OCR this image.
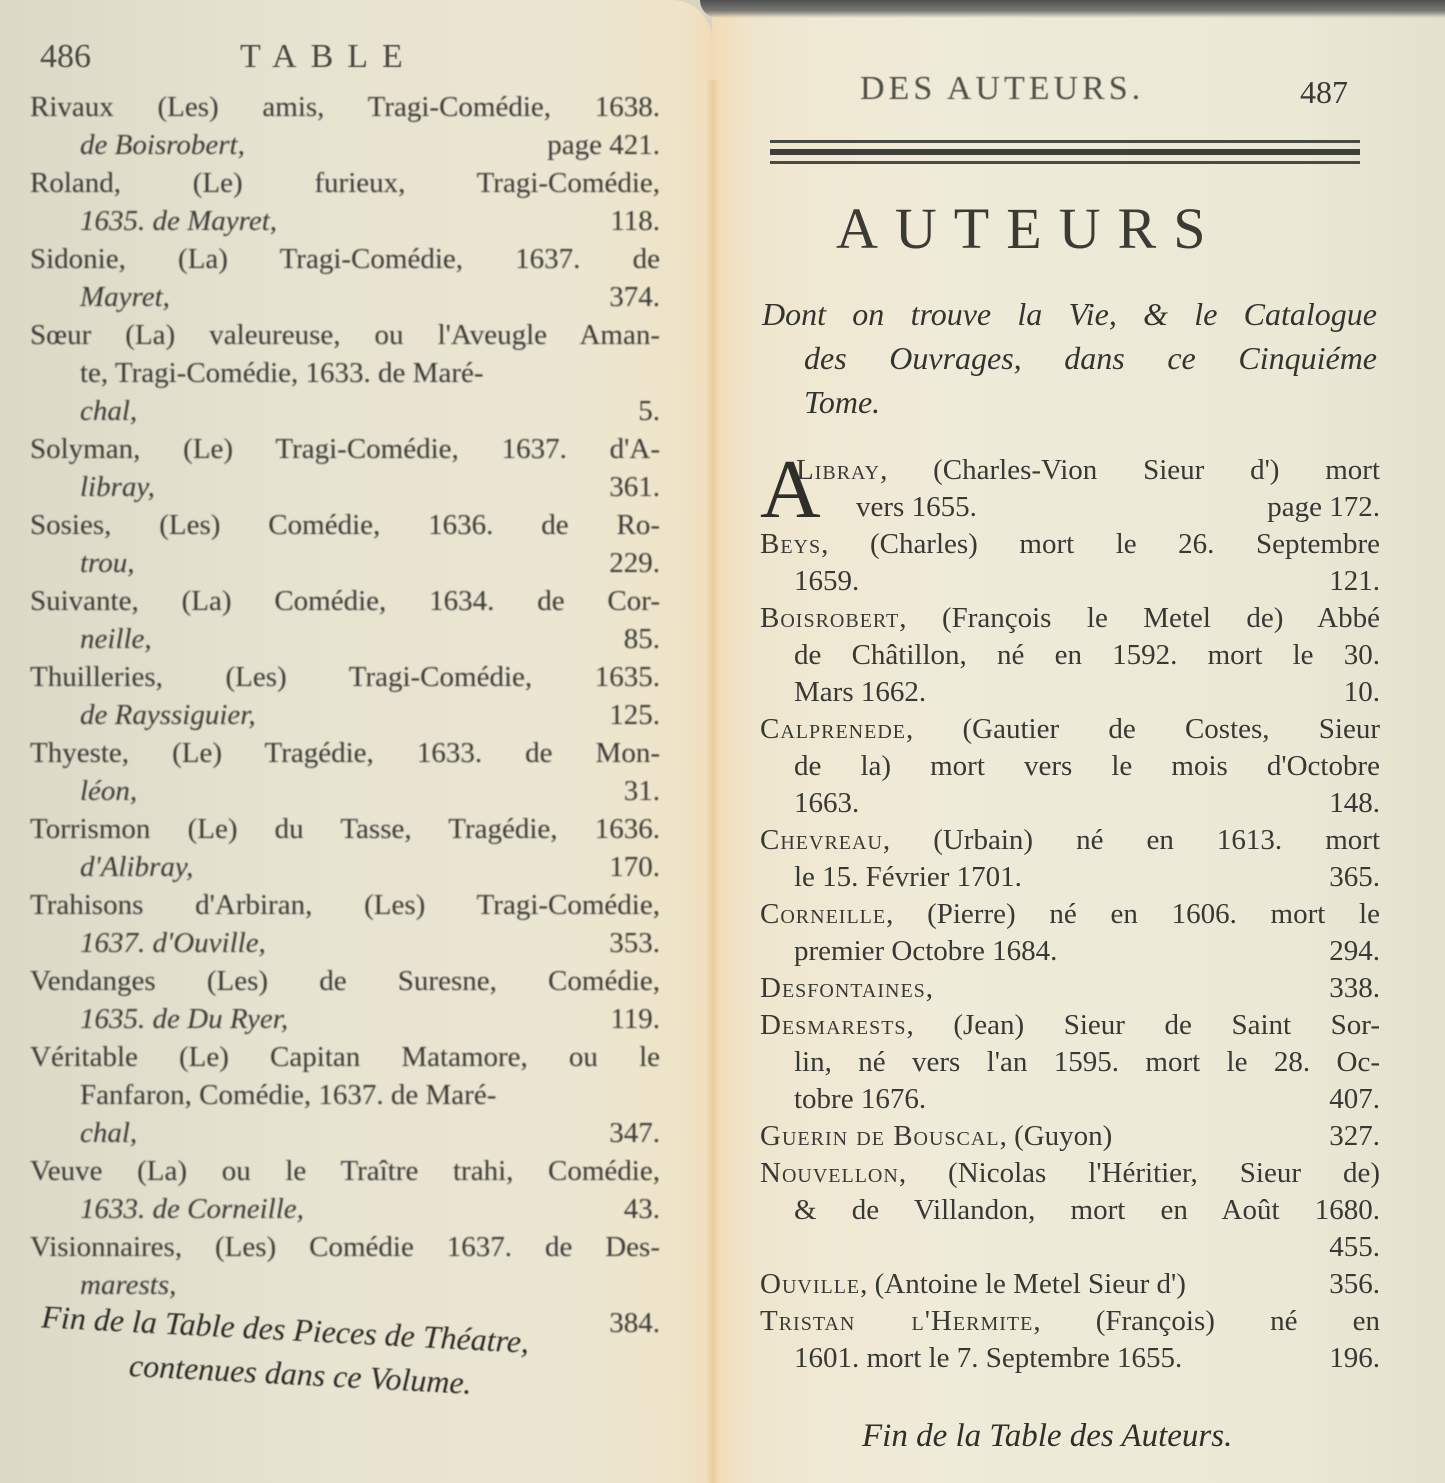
486	TABLE
Rivaux (Les) amis, Tragi-Comédie, 1638.
de Boisrobert,	page 421.
Roland, (Le) furieux, Tragi-Comédie,
1635. de Mayret,	118.
Sidonie, (La) Tragi-Comédie, 1637. de
Mayret,	374.
Sœur (La) valeureuse, ou l'Aveugle Aman-
te, Tragi-Comédie, 1633. de Maré-
chal,	5.
Solyman, (Le) Tragi-Comédie, 1637. d'A-
libray,	361.
Sosies, (Les) Comédie, 1636. de Ro-
trou,	229.
Suivante, (La) Comédie, 1634. de Cor-
neille,	85.
Thuilleries, (Les) Tragi-Comédie, 1635.
de Rayssiguier,	125.
Thyeste, (Le) Tragédie, 1633. de Mon-
léon,	31.
Torrismon (Le) du Tasse, Tragédie, 1636.
d'Alibray,	170.
Trahisons d'Arbiran, (Les) Tragi-Comédie,
1637. d'Ouville,	353.
Vendanges (Les) de Suresne, Comédie,
1635. de Du Ryer,	119.
Véritable (Le) Capitan Matamore, ou le
Fanfaron, Comédie, 1637. de Maré-
chal,	347.
Veuve (La) ou le Traître trahi, Comédie,
1633. de Corneille,	43.
Visionnaires, (Les) Comédie 1637. de Des-
marests,
384.
Fin de la Table des Pieces de Théatre,
contenues dans ce Volume.
DES AUTEURS.	487
AUTEURS
Dont on trouve la Vie, & le Catalogue
des Ouvrages, dans ce Cinquiéme
Tome.
A
Libray, (Charles-Vion Sieur d') mort
vers 1655.	page 172.
Beys, (Charles) mort le 26. Septembre
1659.	121.
Boisrobert, (François le Metel de) Abbé
de Châtillon, né en 1592. mort le 30.
Mars 1662.	10.
Calprenede, (Gautier de Costes, Sieur
de la) mort vers le mois d'Octobre
1663.	148.
Chevreau, (Urbain) né en 1613. mort
le 15. Février 1701.	365.
Corneille, (Pierre) né en 1606. mort le
premier Octobre 1684.	294.
Desfontaines,	338.
Desmarests, (Jean) Sieur de Saint Sor-
lin, né vers l'an 1595. mort le 28. Oc-
tobre 1676.	407.
Guerin de Bouscal, (Guyon)	327.
Nouvellon, (Nicolas l'Héritier, Sieur de)
& de Villandon, mort en Août 1680.
455.
Ouville, (Antoine le Metel Sieur d')	356.
Tristan l'Hermite, (François) né en
1601. mort le 7. Septembre 1655.	196.
Fin de la Table des Auteurs.
